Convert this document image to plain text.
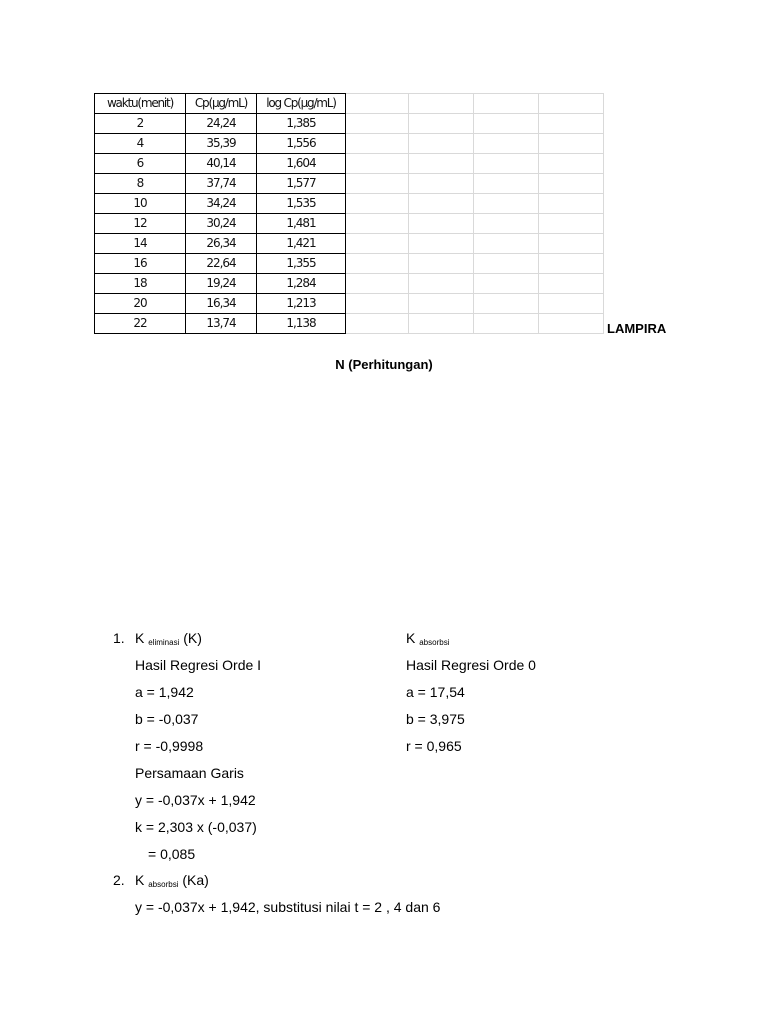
waktu(menit)	Cp(µg/mL)	log Cp(µg/mL)				
2	24,24	1,385				
4	35,39	1,556				
6	40,14	1,604				
8	37,74	1,577				
10	34,24	1,535				
12	30,24	1,481				
14	26,34	1,421				
16	22,64	1,355				
18	19,24	1,284				
20	16,34	1,213				
22	13,74	1,138					LAMPIRA
N (Perhitungan)
1. K $_{eliminasi}$ (K)
Hasil Regresi Orde I
a = 1,942
b = -0,037
r = -0,9998
Persamaan Garis
y = -0,037x + 1,942
k = 2,303 x (-0,037)
= 0,085
K $_{absorbsi}$
Hasil Regresi Orde 0
a = 17,54
b = 3,975
r = 0,965
2. K $_{absorbsi}$ (Ka)
y = -0,037x + 1,942, substitusi nilai t = 2 , 4 dan 6
